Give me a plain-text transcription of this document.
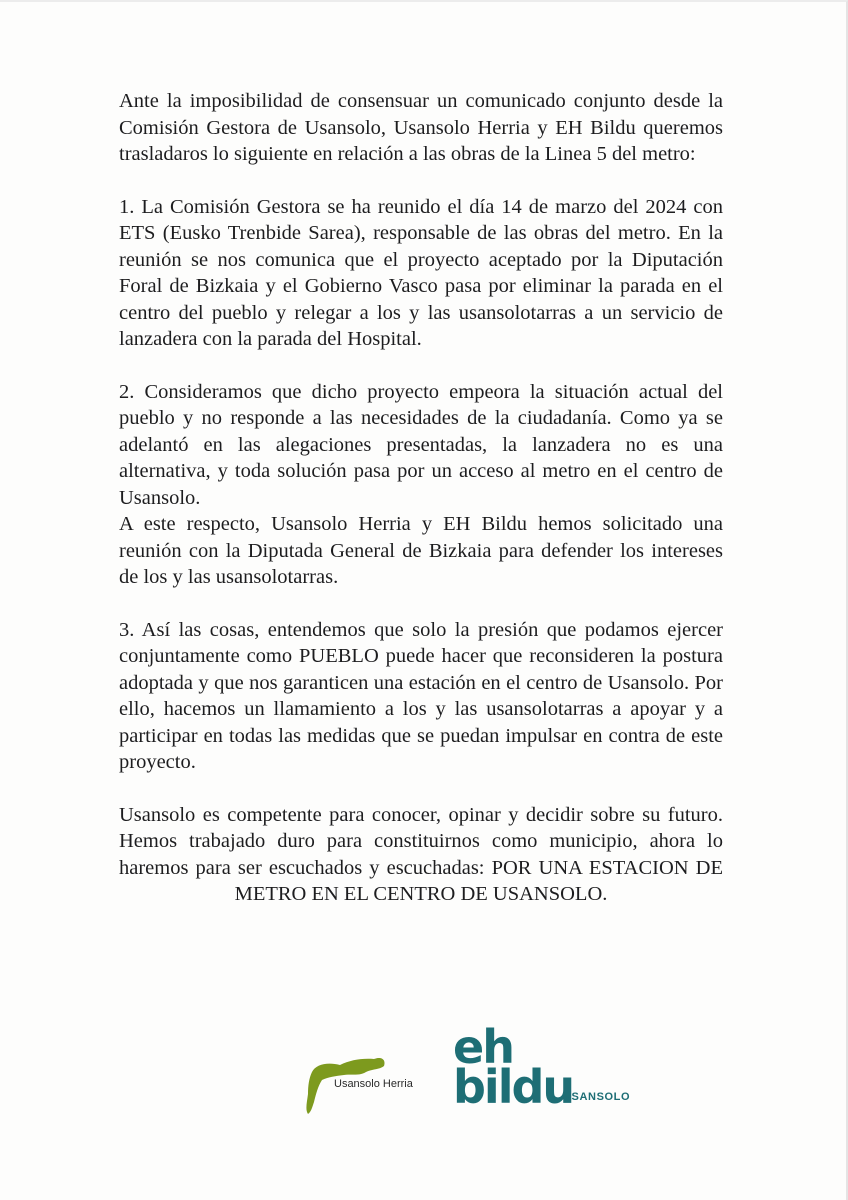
Ante la imposibilidad de consensuar un comunicado conjunto desde la Comisión Gestora de Usansolo, Usansolo Herria y EH Bildu queremos trasladaros lo siguiente en relación a las obras de la Linea 5 del metro:

1. La Comisión Gestora se ha reunido el día 14 de marzo del 2024 con ETS (Eusko Trenbide Sarea), responsable de las obras del metro. En la reunión se nos comunica que el proyecto aceptado por la Diputación Foral de Bizkaia y el Gobierno Vasco pasa por eliminar la parada en el centro del pueblo y relegar a los y las usansolotarras a un servicio de lanzadera con la parada del Hospital.

2. Consideramos que dicho proyecto empeora la situación actual del pueblo y no responde a las necesidades de la ciudadanía. Como ya se adelantó en las alegaciones presentadas, la lanzadera no es una alternativa, y toda solución pasa por un acceso al metro en el centro de Usansolo.

A este respecto, Usansolo Herria y EH Bildu hemos solicitado una reunión con la Diputada General de Bizkaia para defender los intereses de los y las usansolotarras.

3. Así las cosas, entendemos que solo la presión que podamos ejercer conjuntamente como PUEBLO puede hacer que reconsideren la postura adoptada y que nos garanticen una estación en el centro de Usansolo. Por ello, hacemos un llamamiento a los y las usansolotarras a apoyar y a participar en todas las medidas que se puedan impulsar en contra de este proyecto.

Usansolo es competente para conocer, opinar y decidir sobre su futuro. Hemos trabajado duro para constituirnos como municipio, ahora lo haremos para ser escuchados y escuchadas: POR UNA ESTACION DE METRO EN EL CENTRO DE USANSOLO.

Usansolo Herria
eh
bildu
USANSOLO
